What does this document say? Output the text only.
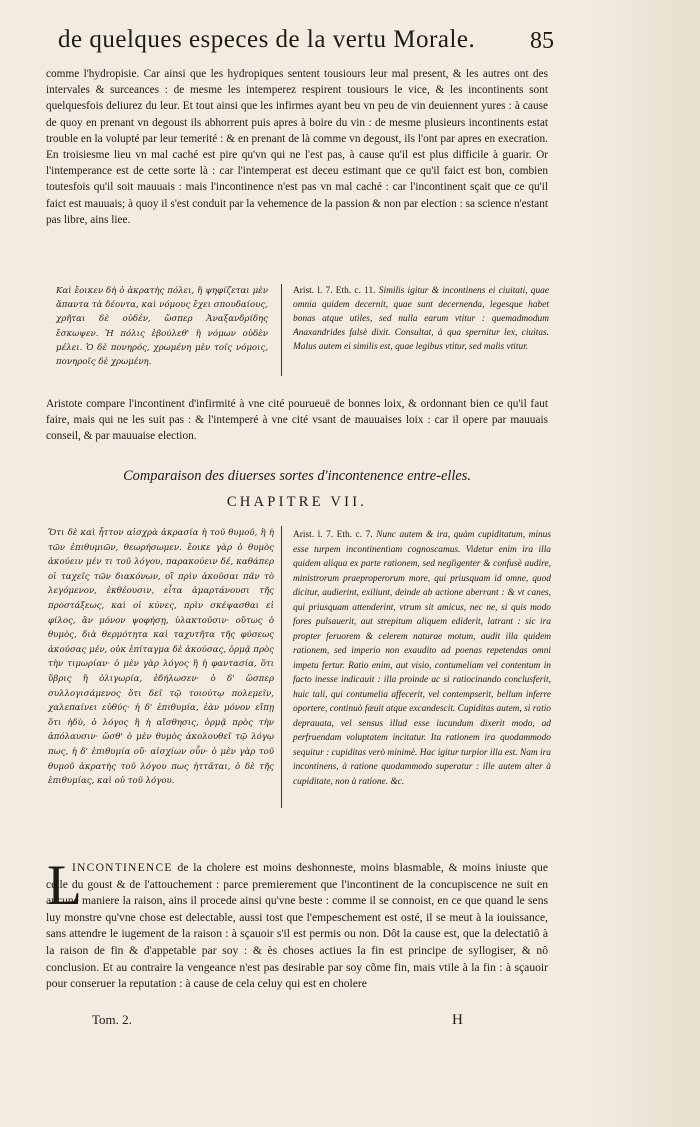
de quelques especes de la vertu Morale.	85
comme l'hydropisie. Car ainsi que les hydropiques sentent tousiours leur mal present, & les autres ont des intervales & surceances : de mesme les intemperez respirent tousiours le vice, & les incontinents sont quelquesfois deliurez du leur. Et tout ainsi que les infirmes ayant beu vn peu de vin deuiennent yures : à cause de quoy en prenant vn degoust ils abhorrent puis apres à boire du vin : de mesme plusieurs incontinents estat trouble en la volupté par leur temerité : & en prenant de là comme vn degoust, ils l'ont par apres en execration. En troisiesme lieu vn mal caché est pire qu'vn qui ne l'est pas, à cause qu'il est plus difficile à guarir. Or l'intemperance est de cette sorte là : car l'intemperat est deceu estimant que ce qu'il faict est bon, combien toutesfois qu'il soit mauuais : mais l'incontinence n'est pas vn mal caché : car l'incontinent sçait que ce qu'il faict est mauuais; à quoy il s'est conduit par la vehemence de la passion & non par election : sa science n'estant pas libre, ains liee.
Καὶ ἔοικεν δὴ ὁ ἀκρατὴς πόλει, ἣ ψηφίζεται μὲν ἅπαντα τὰ δέοντα, καὶ νόμους ἔχει σπουδαίους, χρῆται δὲ οὐδέν, ὥσπερ Ἀναξανδρίδης ἔσκωψεν. Ἡ πόλις ἐβούλεθ' ἣ νόμων οὐδὲν μέλει. Ὁ δὲ πονηρός, χρωμένη μὲν τοῖς νόμοις, πονηροῖς δὲ χρωμένη.
Arist. l. 7. Eth. c. 11. Similis igitur & incontinens ei ciuitati, quae omnia quidem decernit, quae sunt decernenda, legesque habet bonas atque utiles, sed nulla earum vtitur : quemadmodum Anaxandrides falsè dixit. Consultat, à qua spernitur lex, ciuitas. Malus autem ei similis est, quae legibus vtitur, sed malis vtitur.
Aristote compare l'incontinent d'infirmité à vne cité pourueuë de bonnes loix, & ordonnant bien ce qu'il faut faire, mais qui ne les suit pas : & l'intemperé à vne cité vsant de mauuaises loix : car il opere par mauuais conseil, & par mauuaise election.
Comparaison des diuerses sortes d'incontenence entre-elles.
CHAPITRE VII.
Ὅτι δὲ καὶ ἧττον αἰσχρὰ ἀκρασία ἡ τοῦ θυμοῦ, ἢ ἡ τῶν ἐπιθυμιῶν, θεωρήσωμεν. ἔοικε γὰρ ὁ θυμὸς ἀκούειν μέν τι τοῦ λόγου, παρακούειν δέ, καθάπερ οἱ ταχεῖς τῶν διακόνων, οἳ πρὶν ἀκοῦσαι πᾶν τὸ λεγόμενον, ἐκθέουσιν, εἶτα ἁμαρτάνουσι τῆς προστάξεως, καὶ οἱ κύνες, πρὶν σκέψασθαι εἰ φίλος, ἂν μόνον ψοφήσῃ, ὑλακτοῦσιν· οὕτως ὁ θυμὸς, διὰ θερμότητα καὶ ταχυτῆτα τῆς φύσεως ἀκούσας μέν, οὐκ ἐπίταγμα δὲ ἀκούσας, ὁρμᾷ πρὸς τὴν τιμωρίαν· ὁ μὲν γὰρ λόγος ἢ ἡ φαντασία, ὅτι ὕβρις ἢ ὀλιγωρία, ἐδήλωσεν· ὁ δ' ὥσπερ συλλογισάμενος ὅτι δεῖ τῷ τοιούτῳ πολεμεῖν, χαλεπαίνει εὐθύς· ἡ δ' ἐπιθυμία, ἐὰν μόνον εἴπῃ ὅτι ἡδὺ, ὁ λόγος ἢ ἡ αἴσθησις, ὁρμᾷ πρὸς τὴν ἀπόλαυσιν· ὥσθ' ὁ μὲν θυμὸς ἀκολουθεῖ τῷ λόγῳ πως, ἡ δ' ἐπιθυμία οὔ· αἰσχίων οὖν· ὁ μὲν γὰρ τοῦ θυμοῦ ἀκρατὴς τοῦ λόγου πως ἡττᾶται, ὁ δὲ τῆς ἐπιθυμίας, καὶ οὐ τοῦ λόγου.
Arist. l. 7. Eth. c. 7. Nunc autem & ira, quàm cupiditatum, minus esse turpem incontinentiam cognoscamus. Videtur enim ira illa quidem aliqua ex parte rationem, sed negligenter & confusè audire, ministrorum praeproperorum more, qui priusquam id omne, quod dicitur, audierint, exiliunt, deinde ab actione aberrant : & vt canes, qui priusquam attenderint, vtrum sit amicus, nec ne, si quis modo fores pulsauerit, aut strepitum aliquem ediderit, latrant : sic ira propter feruorem & celerem naturae motum, audit illa quidem rationem, sed imperio non exaudito ad poenas repetendas omni impetu fertur. Ratio enim, aut visio, contumeliam vel contentum in facto inesse indicauit : illa proinde ac si ratiocinando conclusferit, huic tali, qui contumelia affecerit, vel contempserit, bellum inferre oportere, continuò fæuit atque excandescit. Cupiditas autem, si ratio deprauata, vel sensus illud esse iucundum dixerit modo, ad perfruendam voluptatem incitatur. Ita rationem ira quodammodo sequitur : cupiditas verò minimè. Hac igitur turpior illa est. Nam ira incontinens, à ratione quodammodo superatur : ille autem alter à cupiditate, non à ratione. &c.
L
INCONTINENCE de la cholere est moins deshonneste, moins blasmable, & moins iniuste que celle du goust & de l'attouchement : parce premierement que l'incontinent de la concupiscence ne suit en aucune maniere la raison, ains il procede ainsi qu'vne beste : comme il se connoist, en ce que quand le sens luy monstre qu'vne chose est delectable, aussi tost que l'empeschement est osté, il se meut à la iouissance, sans attendre le iugement de la raison : à sçauoir s'il est permis ou non. Dôt la cause est, que la delectatiô à la raison de fin & d'appetable par soy : & ès choses actiues la fin est principe de syllogiser, & nô conclusion. Et au contraire la vengeance n'est pas desirable par soy cõme fin, mais vtile à la fin : à sçauoir pour conseruer la reputation : à cause de cela celuy qui est en cholere
Tom. 2.	H
